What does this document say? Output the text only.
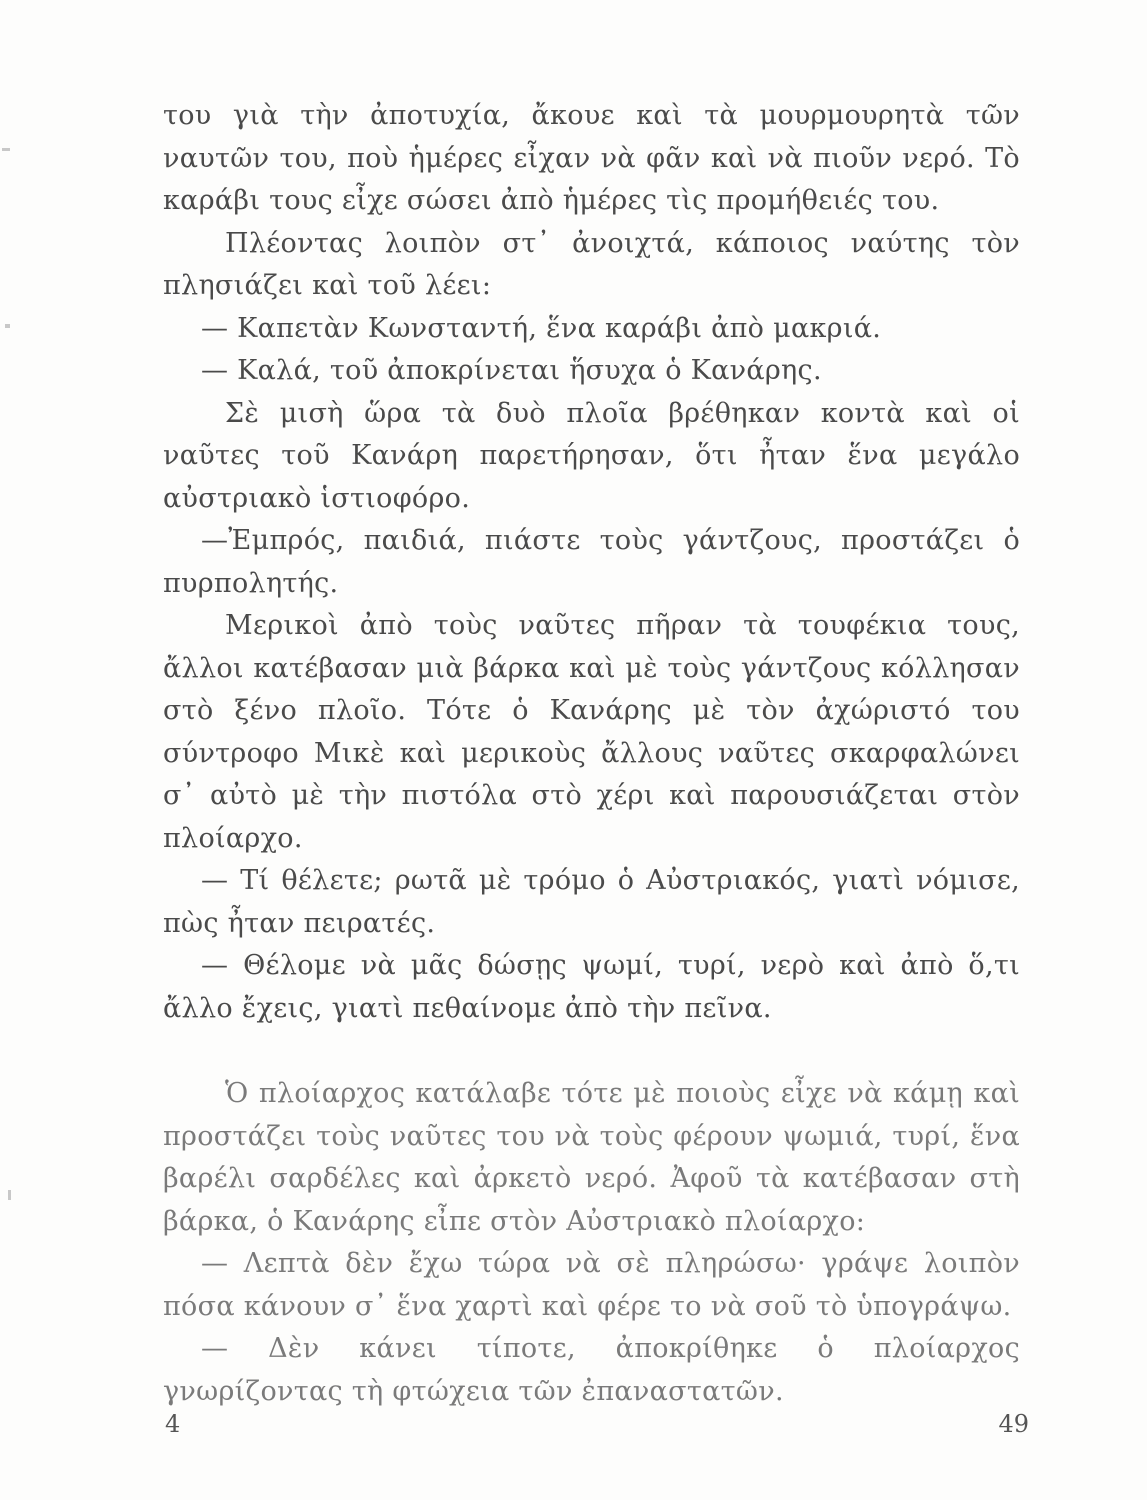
του γιὰ τὴν ἀποτυχία, ἄκουε καὶ τὰ μουρμουρητὰ τῶν ναυτῶν του, ποὺ ἡμέρες εἶχαν νὰ φᾶν καὶ νὰ πιοῦν νερό. Τὸ καράβι τους εἶχε σώσει ἀπὸ ἡμέρες τὶς προμήθειές του.

Πλέοντας λοιπὸν στ᾽ ἀνοιχτά, κάποιος ναύτης τὸν πλησιάζει καὶ τοῦ λέει:

— Καπετὰν Κωνσταντή, ἕνα καράβι ἀπὸ μακριά.

— Καλά, τοῦ ἀποκρίνεται ἥσυχα ὁ Κανάρης.

Σὲ μισὴ ὥρα τὰ δυὸ πλοῖα βρέθηκαν κοντὰ καὶ οἱ ναῦτες τοῦ Κανάρη παρετήρησαν, ὅτι ἦταν ἕνα μεγάλο αὐστριακὸ ἱστιοφόρο.

—Ἐμπρός, παιδιά, πιάστε τοὺς γάντζους, προστάζει ὁ πυρπολητής.

Μερικοὶ ἀπὸ τοὺς ναῦτες πῆραν τὰ τουφέκια τους, ἄλλοι κατέβασαν μιὰ βάρκα καὶ μὲ τοὺς γάντζους κόλλησαν στὸ ξένο πλοῖο. Τότε ὁ Κανάρης μὲ τὸν ἀχώριστό του σύντροφο Μικὲ καὶ μερικοὺς ἄλλους ναῦτες σκαρφαλώνει σ᾽ αὐτὸ μὲ τὴν πιστόλα στὸ χέρι καὶ παρουσιάζεται στὸν πλοίαρχο.

— Τί θέλετε; ρωτᾶ μὲ τρόμο ὁ Αὐστριακός, γιατὶ νόμισε, πὼς ἦταν πειρατές.

— Θέλομε νὰ μᾶς δώσῃς ψωμί, τυρί, νερὸ καὶ ἀπὸ ὅ,τι ἄλλο ἔχεις, γιατὶ πεθαίνομε ἀπὸ τὴν πεῖνα.

Ὁ πλοίαρχος κατάλαβε τότε μὲ ποιοὺς εἶχε νὰ κάμῃ καὶ προστάζει τοὺς ναῦτες του νὰ τοὺς φέρουν ψωμιά, τυρί, ἕνα βαρέλι σαρδέλες καὶ ἀρκετὸ νερό. Ἀφοῦ τὰ κατέβασαν στὴ βάρκα, ὁ Κανάρης εἶπε στὸν Αὐστριακὸ πλοίαρχο:

— Λεπτὰ δὲν ἔχω τώρα νὰ σὲ πληρώσω· γράψε λοιπὸν πόσα κάνουν σ᾽ ἕνα χαρτὶ καὶ φέρε το νὰ σοῦ τὸ ὑπογράψω.

— Δὲν κάνει τίποτε, ἀποκρίθηκε ὁ πλοίαρχος γνωρίζοντας τὴ φτώχεια τῶν ἐπαναστατῶν.

4	49
